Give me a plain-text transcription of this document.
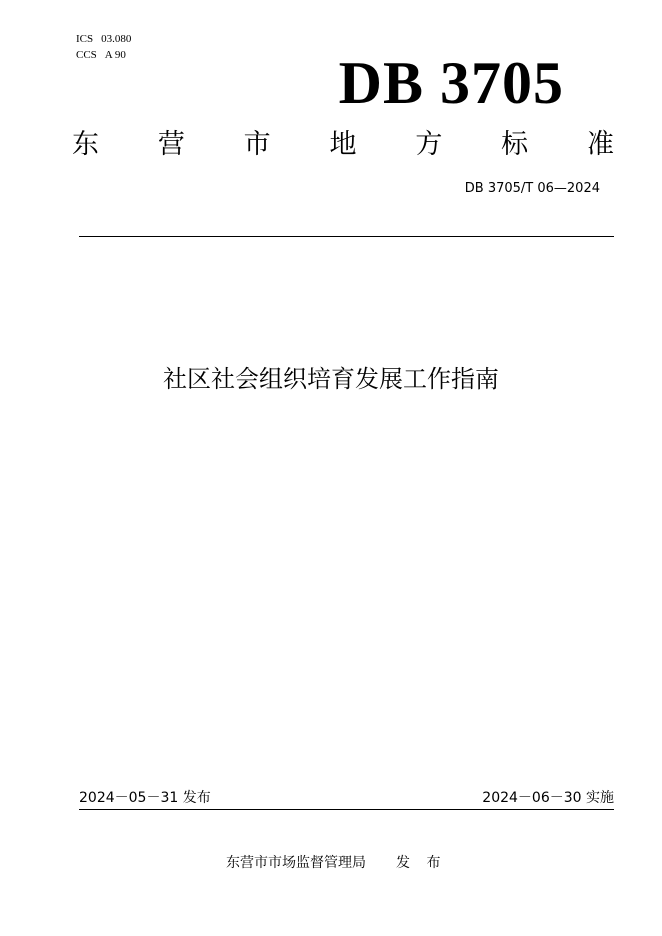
ICS 03.080
CCS A 90	DB 3705
东 营 市 地 方 标 准
DB 3705/T 06—2024
社区社会组织培育发展工作指南
2024－05－31 发布	2024－06－30 实施
东营市市场监督管理局 发 布
